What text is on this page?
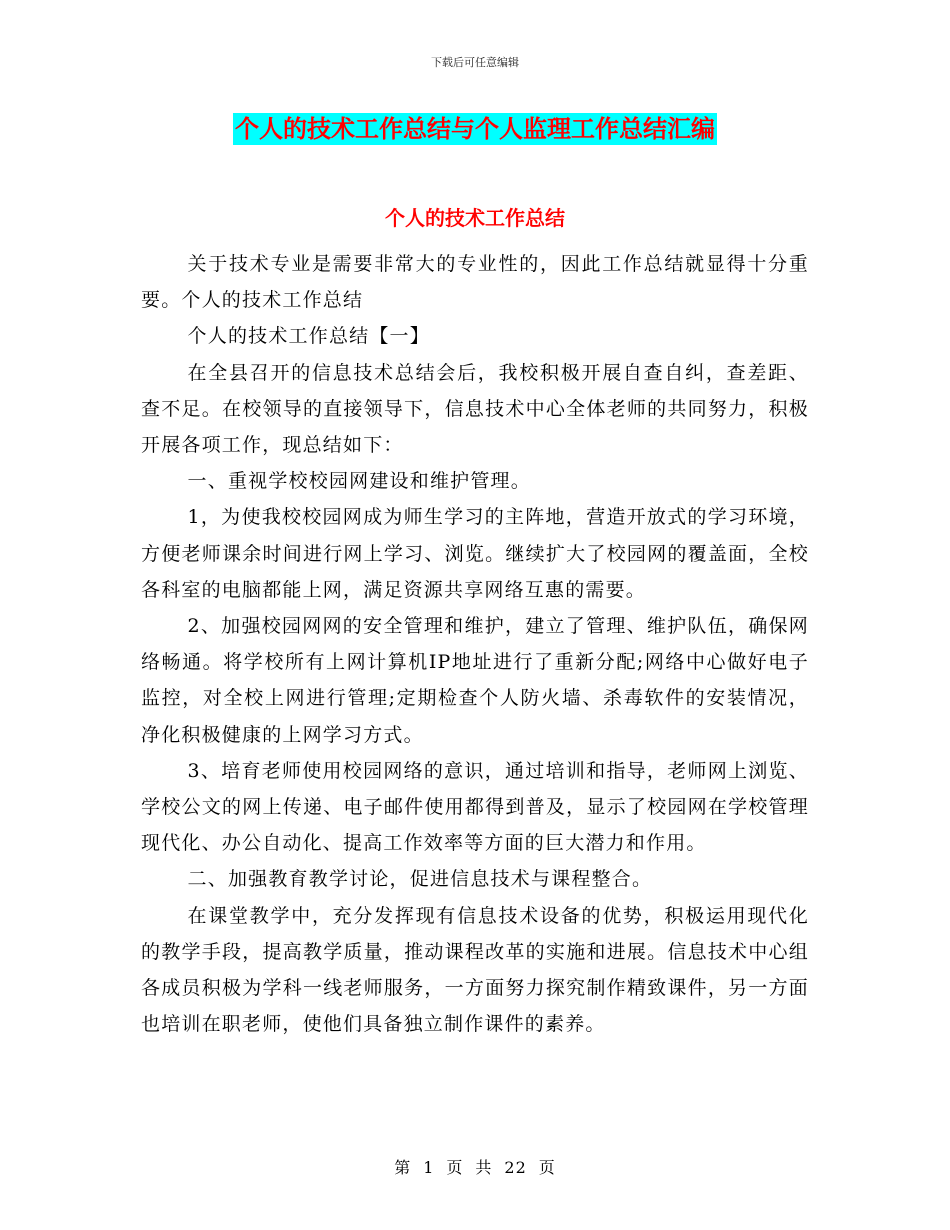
下载后可任意编辑
个人的技术工作总结与个人监理工作总结汇编
个人的技术工作总结

关于技术专业是需要非常大的专业性的，因此工作总结就显得十分重要。个人的技术工作总结

个人的技术工作总结【一】

在全县召开的信息技术总结会后，我校积极开展自查自纠，查差距、查不足。在校领导的直接领导下，信息技术中心全体老师的共同努力，积极开展各项工作，现总结如下：

一、重视学校校园网建设和维护管理。

1，为使我校校园网成为师生学习的主阵地，营造开放式的学习环境，方便老师课余时间进行网上学习、浏览。继续扩大了校园网的覆盖面，全校各科室的电脑都能上网，满足资源共享网络互惠的需要。

2、加强校园网网的安全管理和维护，建立了管理、维护队伍，确保网络畅通。将学校所有上网计算机IP地址进行了重新分配;网络中心做好电子监控，对全校上网进行管理;定期检查个人防火墙、杀毒软件的安装情况，净化积极健康的上网学习方式。

3、培育老师使用校园网络的意识，通过培训和指导，老师网上浏览、学校公文的网上传递、电子邮件使用都得到普及，显示了校园网在学校管理现代化、办公自动化、提高工作效率等方面的巨大潜力和作用。

二、加强教育教学讨论，促进信息技术与课程整合。

在课堂教学中，充分发挥现有信息技术设备的优势，积极运用现代化的教学手段，提高教学质量，推动课程改革的实施和进展。信息技术中心组各成员积极为学科一线老师服务，一方面努力探究制作精致课件，另一方面也培训在职老师，使他们具备独立制作课件的素养。

第 1 页 共 22 页
